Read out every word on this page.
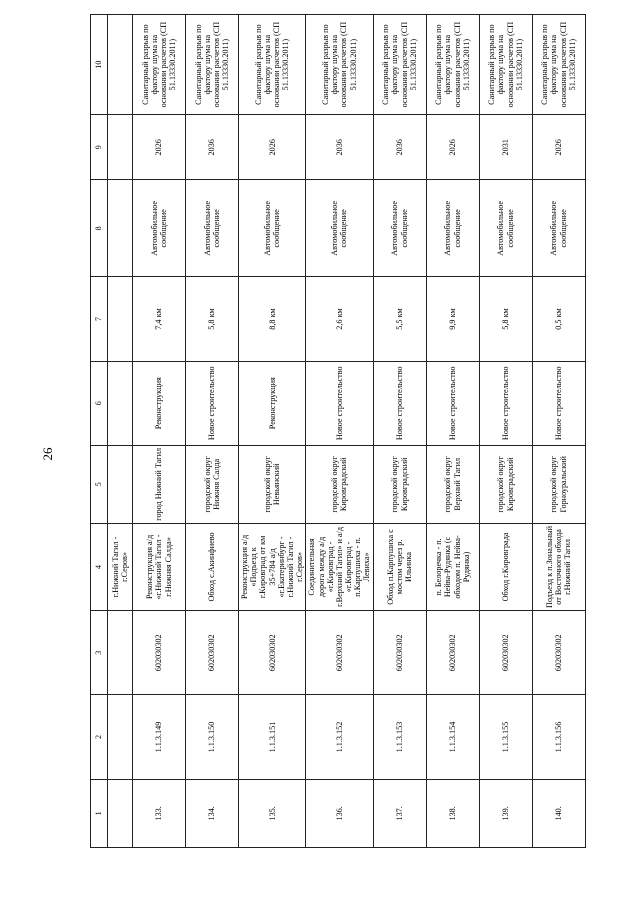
26
1	2	3	4	5	6	7	8	9	10
			г.Нижний Тагил - г.Серов»						
133.	1.1.3.149	602030302	Реконструкция а/д «г.Нижний Тагил - г.Нижняя Салда»	город Нижний Тагил	Реконструкция	7,4 км	Автомобильное сообщение	2026	Санитарный разрыв по фактору шума на основании расчетов (СП 51.13330.2011)
134.	1.1.3.150	602030302	Обход с.Акинфиево	городской округ Нижняя Салда	Новое строительство	5,8 км	Автомобильное сообщение	2036	Санитарный разрыв по фактору шума на основании расчетов (СП 51.13330.2011)
135.	1.1.3.151	602030302	Реконструкция а/д «Подъезд к г.Кировград от км 35+784 а/д «г.Екатеринбург - г.Нижний Тагил - г.Серов»	городской округ Невьянский	Реконструкция	8,8 км	Автомобильное сообщение	2026	Санитарный разрыв по фактору шума на основании расчетов (СП 51.13330.2011)
136.	1.1.3.152	602030302	Соединительная дорога между а/д «г.Кировград - г.Верхний Тагил» и а/д «г.Кировград - п.Карпушиха - п. Левиха»	городской округ Кировградский	Новое строительство	2,6 км	Автомобильное сообщение	2036	Санитарный разрыв по фактору шума на основании расчетов (СП 51.13330.2011)
137.	1.1.3.153	602030302	Обход п.Карпушиха с мостом через р. Ильинка	городской округ Кировградский	Новое строительство	5,5 км	Автомобильное сообщение	2036	Санитарный разрыв по фактору шума на основании расчетов (СП 51.13330.2011)
138.	1.1.3.154	602030302	п. Белоречка - п. Нейва-Рудянка (с обходом п. Нейва-Рудянка)	городской округ Верхний Тагил	Новое строительство	9,9 км	Автомобильное сообщение	2026	Санитарный разрыв по фактору шума на основании расчетов (СП 51.13330.2011)
139.	1.1.3.155	602030302	Обход г.Кировграда	городской округ Кировградский	Новое строительство	5,8 км	Автомобильное сообщение	2031	Санитарный разрыв по фактору шума на основании расчетов (СП 51.13330.2011)
140.	1.1.3.156	602030302	Подъезд к п.Зональный от Восточного обхода г.Нижний Тагил	городской округ Горноуральский	Новое строительство	0,5 км	Автомобильное сообщение	2026	Санитарный разрыв по фактору шума на основании расчетов (СП 51.13330.2011)
